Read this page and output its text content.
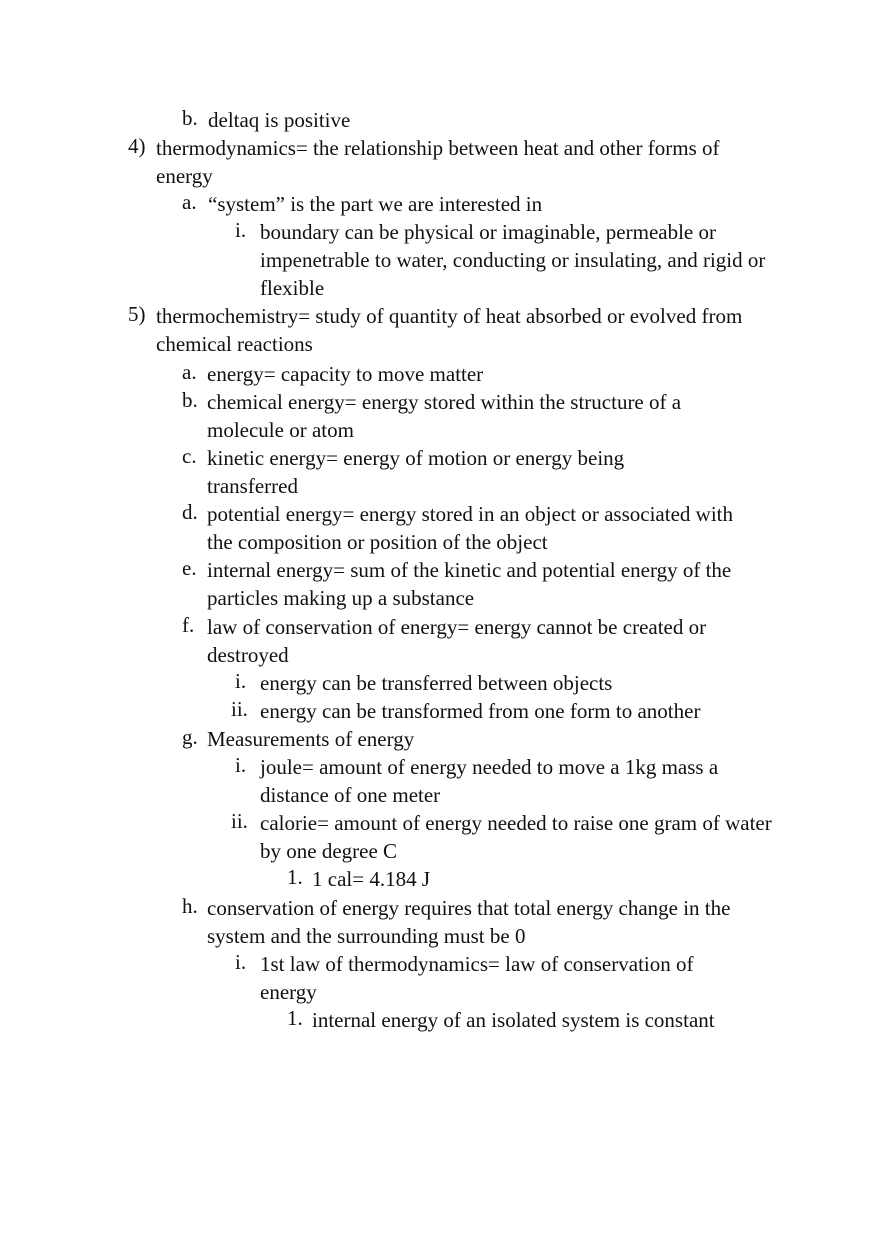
b. deltaq is positive
4) thermodynamics= the relationship between heat and other forms of energy
a. “system” is the part we are interested in
i. boundary can be physical or imaginable, permeable or impenetrable to water, conducting or insulating, and rigid or flexible
5) thermochemistry= study of quantity of heat absorbed or evolved from chemical reactions
a. energy= capacity to move matter
b. chemical energy= energy stored within the structure of a molecule or atom
c. kinetic energy= energy of motion or energy being transferred
d. potential energy= energy stored in an object or associated with the composition or position of the object
e. internal energy= sum of the kinetic and potential energy of the particles making up a substance
f. law of conservation of energy= energy cannot be created or destroyed
i. energy can be transferred between objects
ii. energy can be transformed from one form to another
g. Measurements of energy
i. joule= amount of energy needed to move a 1kg mass a distance of one meter
ii. calorie= amount of energy needed to raise one gram of water by one degree C
1. 1 cal= 4.184 J
h. conservation of energy requires that total energy change in the system and the surrounding must be 0
i. 1st law of thermodynamics= law of conservation of energy
1. internal energy of an isolated system is constant
